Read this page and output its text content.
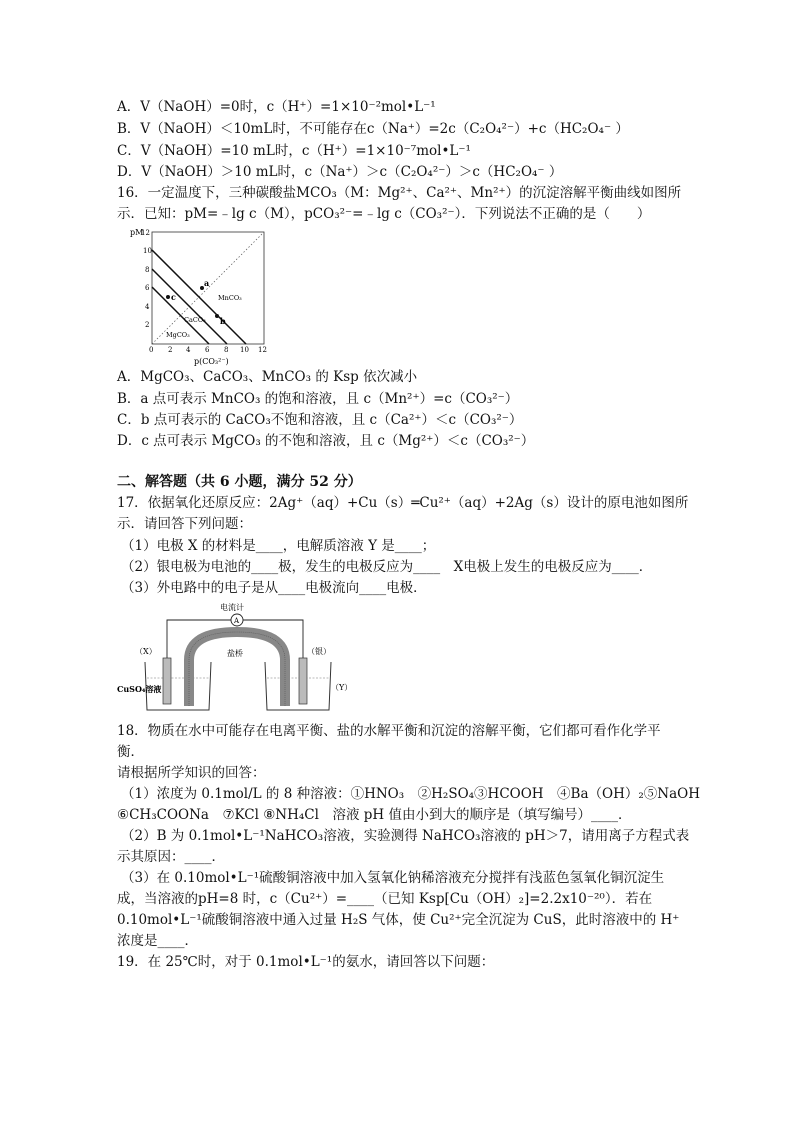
A．V（NaOH）=0时，c（H⁺）=1×10⁻²mol•L⁻¹
B．V（NaOH）＜10mL时，不可能存在c（Na⁺）=2c（C₂O₄²⁻）+c（HC₂O₄⁻ ）
C．V（NaOH）=10 mL时，c（H⁺）=1×10⁻⁷mol•L⁻¹
D．V（NaOH）＞10 mL时，c（Na⁺）＞c（C₂O₄²⁻）＞c（HC₂O₄⁻ ）
16．一定温度下，三种碳酸盐MCO₃（M：Mg²⁺、Ca²⁺、Mn²⁺）的沉淀溶解平衡曲线如图所
示．已知：pM=﹣lg c（M），pCO₃²⁻=﹣lg c（CO₃²⁻）．下列说法不正确的是（　　）
12
10
8
6
4
2
pM
0 2 4 6 8 10 12
p(CO₃²⁻)
MnCO₃
CaCO₃
MgCO₃
a
b
c
A．MgCO₃、CaCO₃、MnCO₃ 的 Ksp 依次减小
B．a 点可表示 MnCO₃ 的饱和溶液，且 c（Mn²⁺）=c（CO₃²⁻）
C．b 点可表示的 CaCO₃不饱和溶液，且 c（Ca²⁺）＜c（CO₃²⁻）
D．c 点可表示 MgCO₃ 的不饱和溶液，且 c（Mg²⁺）＜c（CO₃²⁻）
二、解答题（共 6 小题，满分 52 分）
17．依据氧化还原反应：2Ag⁺（aq）+Cu（s）═Cu²⁺（aq）+2Ag（s）设计的原电池如图所
示．请回答下列问题：
（1）电极 X 的材料是____，电解质溶液 Y 是____；
（2）银电极为电池的____极，发生的电极反应为____　X电极上发生的电极反应为____．
（3）外电路中的电子是从____电极流向____电极．
电流计
A
盐桥
（X）	（银）
CuSO₄溶液	（Y）
18．物质在水中可能存在电离平衡、盐的水解平衡和沉淀的溶解平衡，它们都可看作化学平
衡．
请根据所学知识的回答：
（1）浓度为 0.1mol/L 的 8 种溶液：①HNO₃　②H₂SO₄③HCOOH　④Ba（OH）₂⑤NaOH
⑥CH₃COONa　⑦KCl ⑧NH₄Cl　溶液 pH 值由小到大的顺序是（填写编号）____．
（2）B 为 0.1mol•L⁻¹NaHCO₃溶液，实验测得 NaHCO₃溶液的 pH＞7，请用离子方程式表
示其原因：____．
（3）在 0.10mol•L⁻¹硫酸铜溶液中加入氢氧化钠稀溶液充分搅拌有浅蓝色氢氧化铜沉淀生
成，当溶液的pH=8 时，c（Cu²⁺）=____（已知 Ksp[Cu（OH）₂]=2.2x10⁻²⁰）．若在
0.10mol•L⁻¹硫酸铜溶液中通入过量 H₂S 气体，使 Cu²⁺完全沉淀为 CuS，此时溶液中的 H⁺
浓度是____．
19．在 25℃时，对于 0.1mol•L⁻¹的氨水，请回答以下问题：
